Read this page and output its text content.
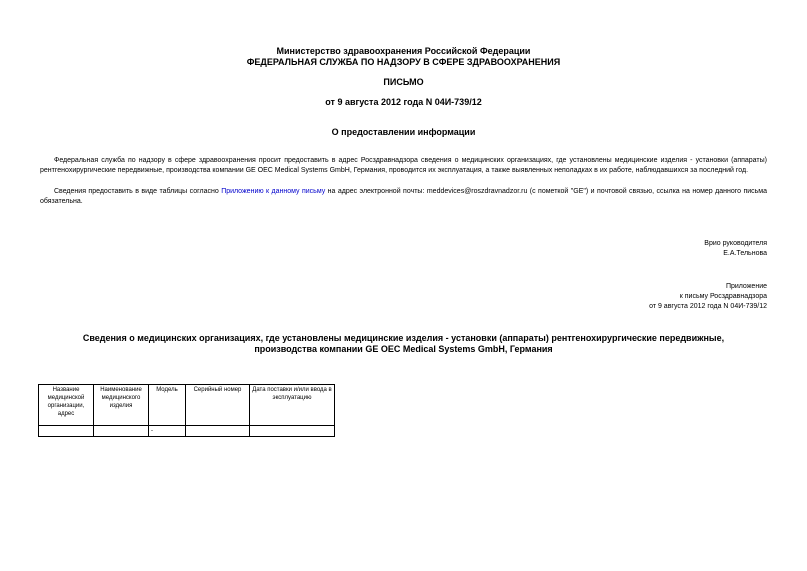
Министерство здравоохранения Российской Федерации
ФЕДЕРАЛЬНАЯ СЛУЖБА ПО НАДЗОРУ В СФЕРЕ ЗДРАВООХРАНЕНИЯ
ПИСЬМО
от 9 августа 2012 года N 04И-739/12
О предоставлении информации
Федеральная служба по надзору в сфере здравоохранения просит предоставить в адрес Росздравнадзора сведения о медицинских организациях, где установлены медицинские изделия - установки (аппараты) рентгенохирургические передвижные, производства компании GE OEC Medical Systems GmbH, Германия, проводится их эксплуатация, а также выявленных неполадках в их работе, наблюдавшихся за последний год.
Сведения предоставить в виде таблицы согласно Приложению к данному письму на адрес электронной почты: meddevices@roszdravnadzor.ru (с пометкой "GE") и почтовой связью, ссылка на номер данного письма обязательна.
Врио руководителя
Е.А.Тельнова
Приложение
к письму Росздравнадзора
от 9 августа 2012 года N 04И-739/12
Сведения о медицинских организациях, где установлены медицинские изделия - установки (аппараты) рентгенохирургические передвижные, производства компании GE OEC Medical Systems GmbH, Германия
Название медицинской организации, адрес	Наименование медицинского изделия	Модель	Серийный номер	Дата поставки и/или ввода в эксплуатацию
		-		
